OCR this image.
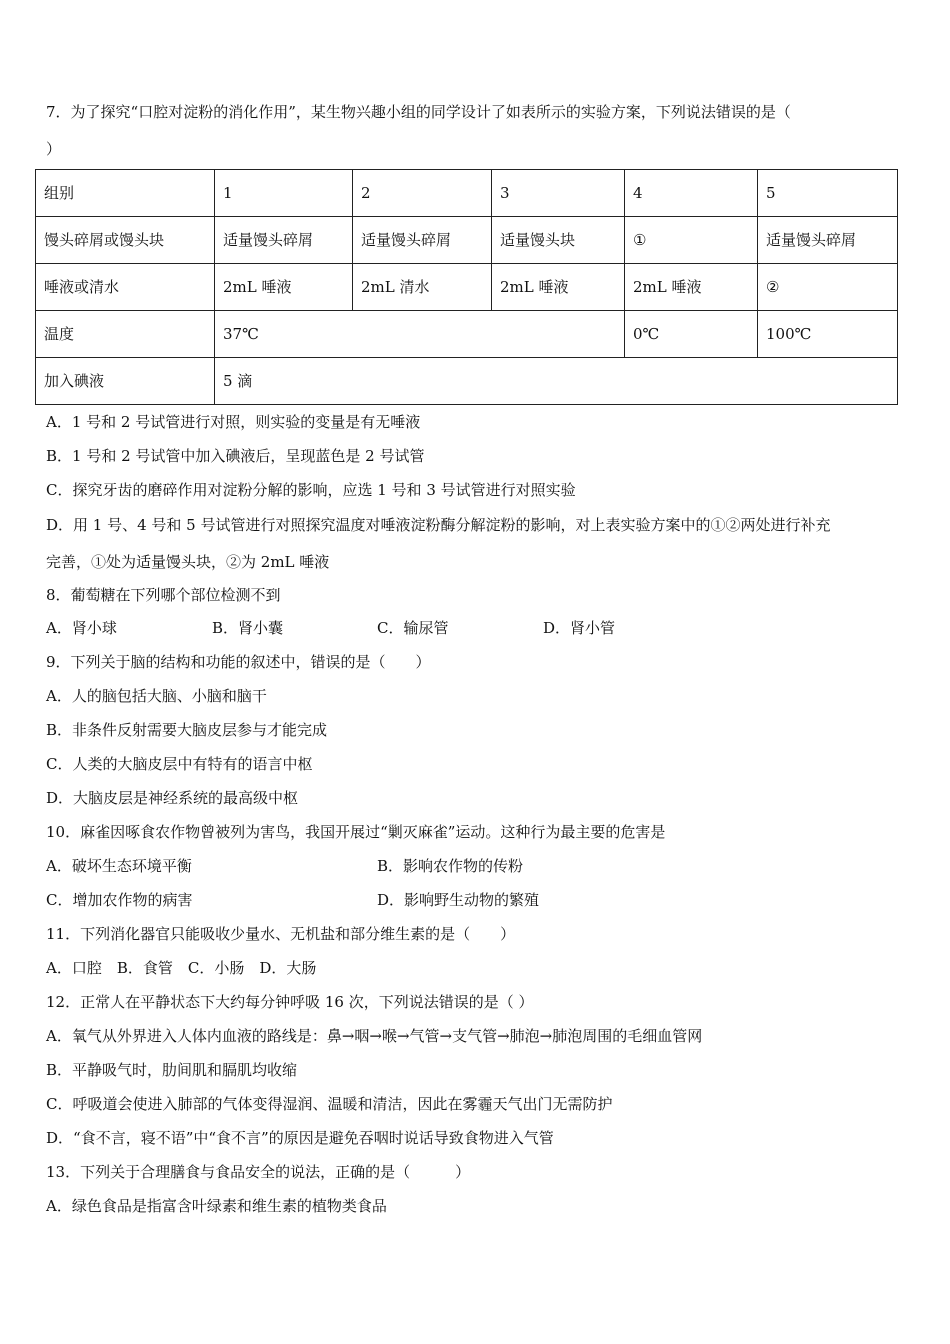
7．为了探究“口腔对淀粉的消化作用”，某生物兴趣小组的同学设计了如表所示的实验方案，下列说法错误的是（
）
组别	1	2	3	4	5
馒头碎屑或馒头块	适量馒头碎屑	适量馒头碎屑	适量馒头块	①	适量馒头碎屑
唾液或清水	2mL 唾液	2mL 清水	2mL 唾液	2mL 唾液	②
温度	37℃			0℃	100℃
加入碘液	5 滴				
A．1 号和 2 号试管进行对照，则实验的变量是有无唾液
B．1 号和 2 号试管中加入碘液后，呈现蓝色是 2 号试管
C．探究牙齿的磨碎作用对淀粉分解的影响，应选 1 号和 3 号试管进行对照实验
D．用 1 号、4 号和 5 号试管进行对照探究温度对唾液淀粉酶分解淀粉的影响，对上表实验方案中的①②两处进行补充
完善，①处为适量馒头块，②为 2mL 唾液
8．葡萄糖在下列哪个部位检测不到
A．肾小球	B．肾小囊	C．输尿管	D．肾小管
9．下列关于脑的结构和功能的叙述中，错误的是（　　）
A．人的脑包括大脑、小脑和脑干
B．非条件反射需要大脑皮层参与才能完成
C．人类的大脑皮层中有特有的语言中枢
D．大脑皮层是神经系统的最高级中枢
10．麻雀因啄食农作物曾被列为害鸟，我国开展过“剿灭麻雀”运动。这种行为最主要的危害是
A．破坏生态环境平衡	B．影响农作物的传粉
C．增加农作物的病害	D．影响野生动物的繁殖
11．下列消化器官只能吸收少量水、无机盐和部分维生素的是（　　）
A．口腔　B．食管　C．小肠　D．大肠
12．正常人在平静状态下大约每分钟呼吸 16 次，下列说法错误的是（ ）
A．氧气从外界进入人体内血液的路线是：鼻→咽→喉→气管→支气管→肺泡→肺泡周围的毛细血管网
B．平静吸气时，肋间肌和膈肌均收缩
C．呼吸道会使进入肺部的气体变得湿润、温暖和清洁，因此在雾霾天气出门无需防护
D．“食不言，寝不语”中“食不言”的原因是避免吞咽时说话导致食物进入气管
13．下列关于合理膳食与食品安全的说法，正确的是（　　　）
A．绿色食品是指富含叶绿素和维生素的植物类食品
